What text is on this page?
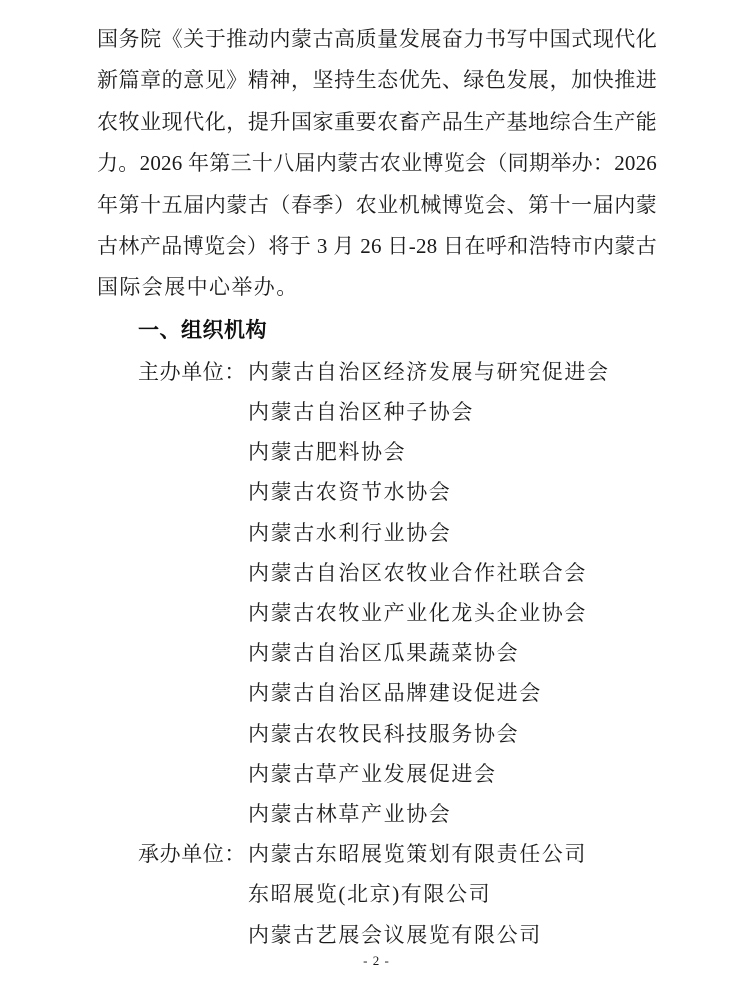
国务院《关于推动内蒙古高质量发展奋力书写中国式现代化
新篇章的意见》精神，坚持生态优先、绿色发展，加快推进
农牧业现代化，提升国家重要农畜产品生产基地综合生产能
力。2026 年第三十八届内蒙古农业博览会（同期举办：2026
年第十五届内蒙古（春季）农业机械博览会、第十一届内蒙
古林产品博览会）将于 3 月 26 日-28 日在呼和浩特市内蒙古
国际会展中心举办。
一、组织机构
主办单位： 内蒙古自治区经济发展与研究促进会
内蒙古自治区种子协会
内蒙古肥料协会
内蒙古农资节水协会
内蒙古水利行业协会
内蒙古自治区农牧业合作社联合会
内蒙古农牧业产业化龙头企业协会
内蒙古自治区瓜果蔬菜协会
内蒙古自治区品牌建设促进会
内蒙古农牧民科技服务协会
内蒙古草产业发展促进会
内蒙古林草产业协会
承办单位： 内蒙古东昭展览策划有限责任公司
东昭展览(北京)有限公司
内蒙古艺展会议展览有限公司
- 2 -
